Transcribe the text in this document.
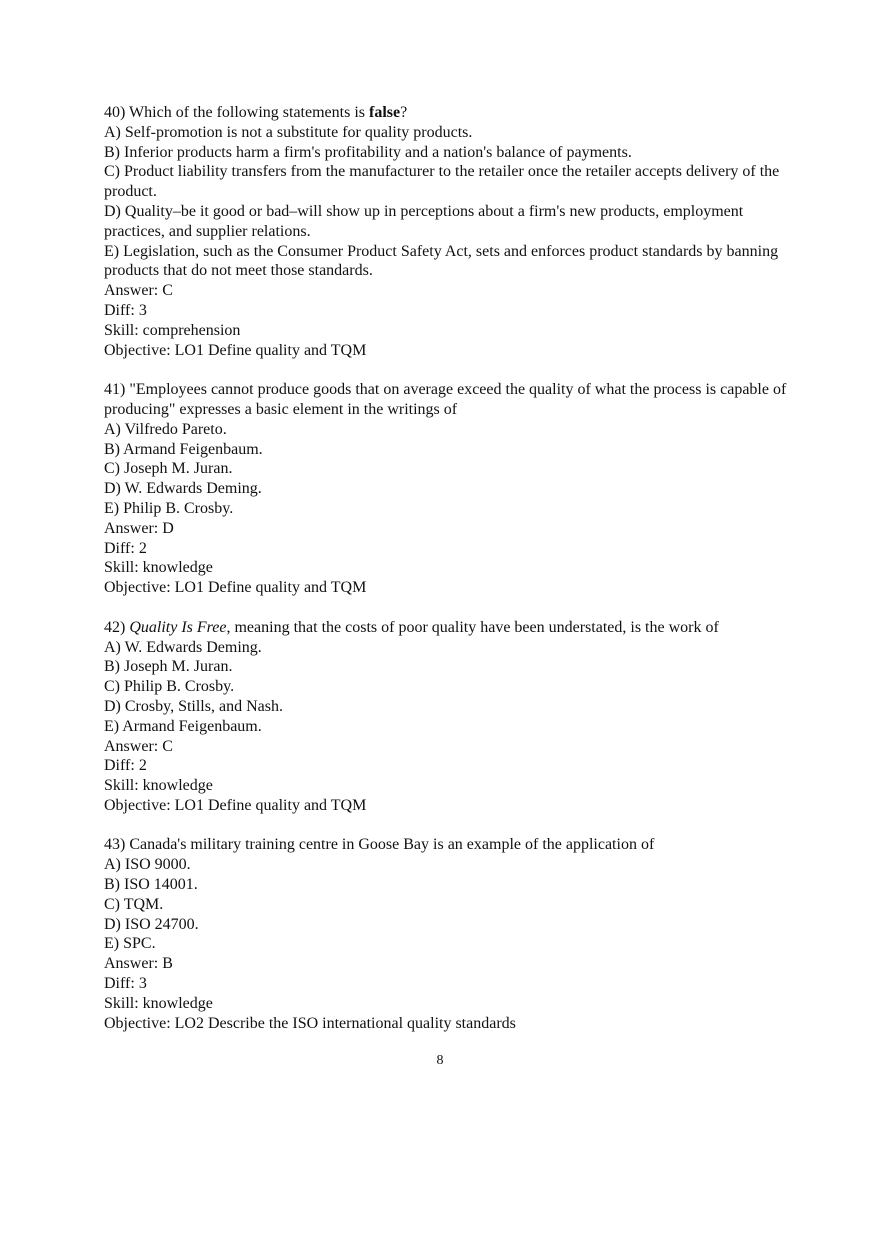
40) Which of the following statements is false?

A) Self-promotion is not a substitute for quality products.

B) Inferior products harm a firm's profitability and a nation's balance of payments.

C) Product liability transfers from the manufacturer to the retailer once the retailer accepts delivery of the product.

D) Quality–be it good or bad–will show up in perceptions about a firm's new products, employment practices, and supplier relations.

E) Legislation, such as the Consumer Product Safety Act, sets and enforces product standards by banning products that do not meet those standards.

Answer: C

Diff: 3

Skill: comprehension

Objective: LO1 Define quality and TQM

41) "Employees cannot produce goods that on average exceed the quality of what the process is capable of producing" expresses a basic element in the writings of

A) Vilfredo Pareto.

B) Armand Feigenbaum.

C) Joseph M. Juran.

D) W. Edwards Deming.

E) Philip B. Crosby.

Answer: D

Diff: 2

Skill: knowledge

Objective: LO1 Define quality and TQM

42) Quality Is Free, meaning that the costs of poor quality have been understated, is the work of

A) W. Edwards Deming.

B) Joseph M. Juran.

C) Philip B. Crosby.

D) Crosby, Stills, and Nash.

E) Armand Feigenbaum.

Answer: C

Diff: 2

Skill: knowledge

Objective: LO1 Define quality and TQM

43) Canada's military training centre in Goose Bay is an example of the application of

A) ISO 9000.

B) ISO 14001.

C) TQM.

D) ISO 24700.

E) SPC.

Answer: B

Diff: 3

Skill: knowledge

Objective: LO2 Describe the ISO international quality standards

8
